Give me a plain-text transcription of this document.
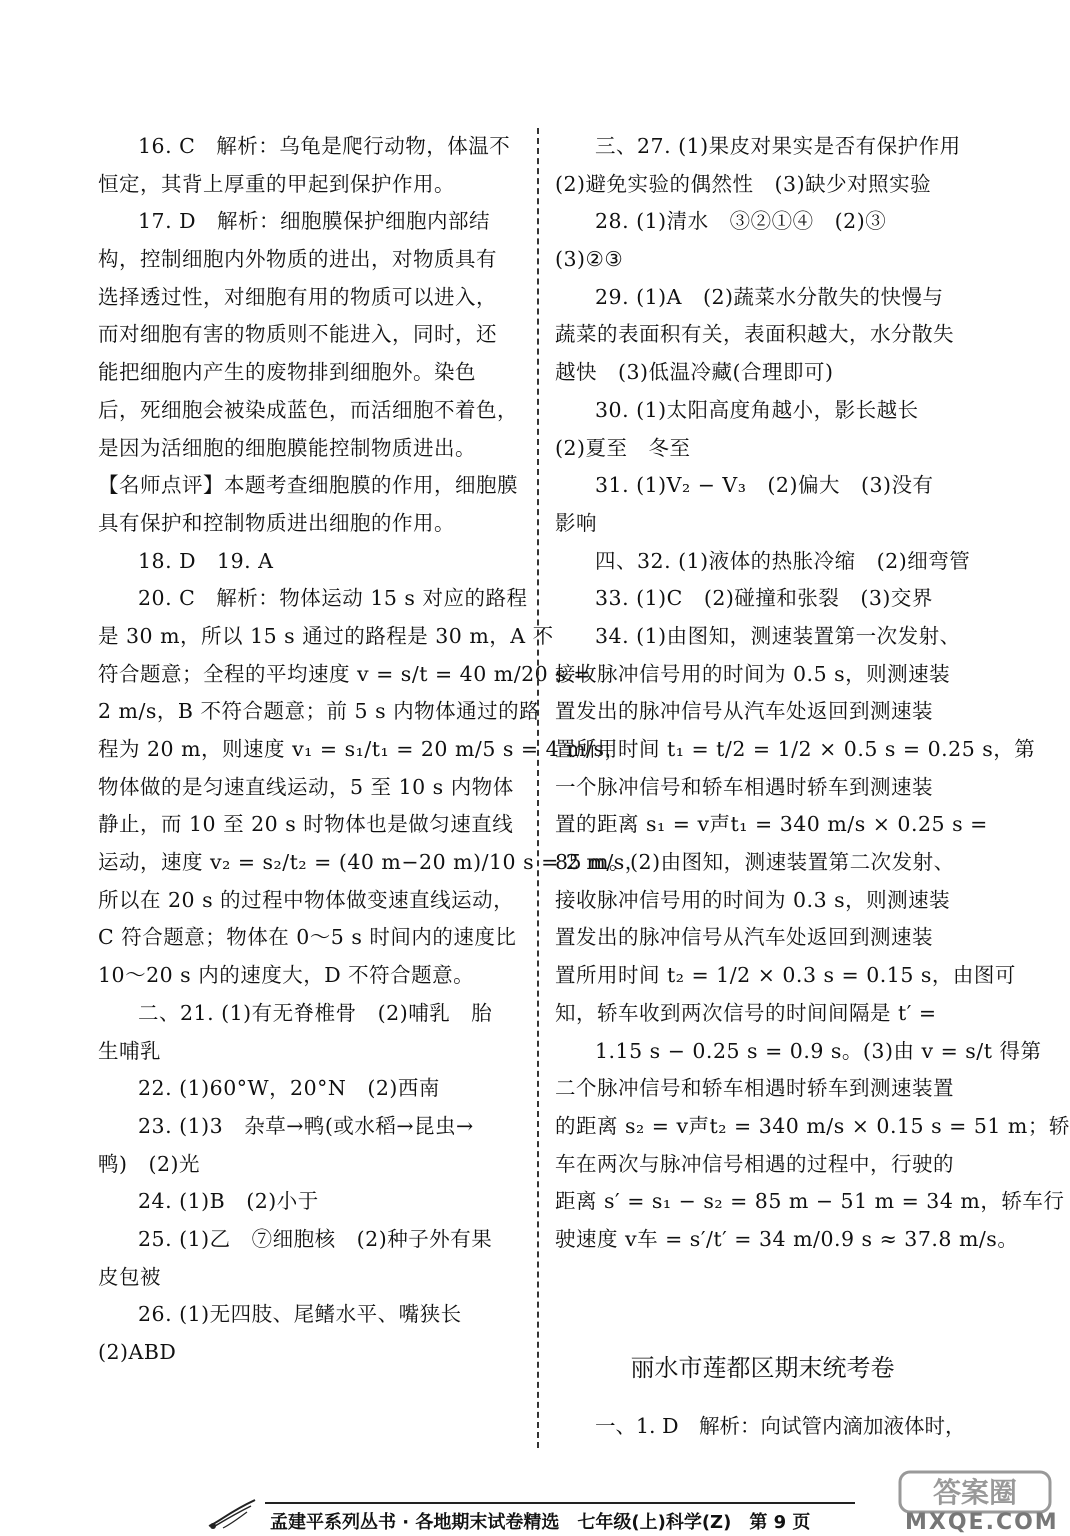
16. C　解析：乌龟是爬行动物，体温不
恒定，其背上厚重的甲起到保护作用。
17. D　解析：细胞膜保护细胞内部结
构，控制细胞内外物质的进出，对物质具有
选择透过性，对细胞有用的物质可以进入，
而对细胞有害的物质则不能进入，同时，还
能把细胞内产生的废物排到细胞外。染色
后，死细胞会被染成蓝色，而活细胞不着色，
是因为活细胞的细胞膜能控制物质进出。
【名师点评】本题考查细胞膜的作用，细胞膜
具有保护和控制物质进出细胞的作用。
18. D　19. A
20. C　解析：物体运动 15 s 对应的路程
是 30 m，所以 15 s 通过的路程是 30 m，A 不
符合题意；全程的平均速度 v = s/t = 40 m/20 s =
2 m/s，B 不符合题意；前 5 s 内物体通过的路
程为 20 m，则速度 v₁ = s₁/t₁ = 20 m/5 s = 4 m/s，
物体做的是匀速直线运动，5 至 10 s 内物体
静止，而 10 至 20 s 时物体也是做匀速直线
运动，速度 v₂ = s₂/t₂ = (40 m−20 m)/10 s = 2 m/s，
所以在 20 s 的过程中物体做变速直线运动，
C 符合题意；物体在 0～5 s 时间内的速度比
10～20 s 内的速度大，D 不符合题意。
二、21. (1)有无脊椎骨　(2)哺乳　胎
生哺乳
22. (1)60°W，20°N　(2)西南
23. (1)3　杂草→鸭(或水稻→昆虫→
鸭)　(2)光
24. (1)B　(2)小于
25. (1)乙　⑦细胞核　(2)种子外有果
皮包被
26. (1)无四肢、尾鳍水平、嘴狭长
(2)ABD
三、27. (1)果皮对果实是否有保护作用
(2)避免实验的偶然性　(3)缺少对照实验
28. (1)清水　③②①④　(2)③
(3)②③
29. (1)A　(2)蔬菜水分散失的快慢与
蔬菜的表面积有关，表面积越大，水分散失
越快　(3)低温冷藏(合理即可)
30. (1)太阳高度角越小，影长越长
(2)夏至　冬至
31. (1)V₂ − V₃　(2)偏大　(3)没有
影响
四、32. (1)液体的热胀冷缩　(2)细弯管
33. (1)C　(2)碰撞和张裂　(3)交界
34. (1)由图知，测速装置第一次发射、
接收脉冲信号用的时间为 0.5 s，则测速装
置发出的脉冲信号从汽车处返回到测速装
置所用时间 t₁ = t/2 = 1/2 × 0.5 s = 0.25 s，第
一个脉冲信号和轿车相遇时轿车到测速装
置的距离 s₁ = v声t₁ = 340 m/s × 0.25 s =
85 m。(2)由图知，测速装置第二次发射、
接收脉冲信号用的时间为 0.3 s，则测速装
置发出的脉冲信号从汽车处返回到测速装
置所用时间 t₂ = 1/2 × 0.3 s = 0.15 s，由图可
知，轿车收到两次信号的时间间隔是 t′ =
1.15 s − 0.25 s = 0.9 s。(3)由 v = s/t 得第
二个脉冲信号和轿车相遇时轿车到测速装置
的距离 s₂ = v声t₂ = 340 m/s × 0.15 s = 51 m；轿
车在两次与脉冲信号相遇的过程中，行驶的
距离 s′ = s₁ − s₂ = 85 m − 51 m = 34 m，轿车行
驶速度 v车 = s′/t′ = 34 m/0.9 s ≈ 37.8 m/s。
丽水市莲都区期末统考卷
一、1. D　解析：向试管内滴加液体时，
孟建平系列丛书 · 各地期末试卷精选　七年级(上)科学(Z)　第 9 页
答案圈
MXQE.COM
